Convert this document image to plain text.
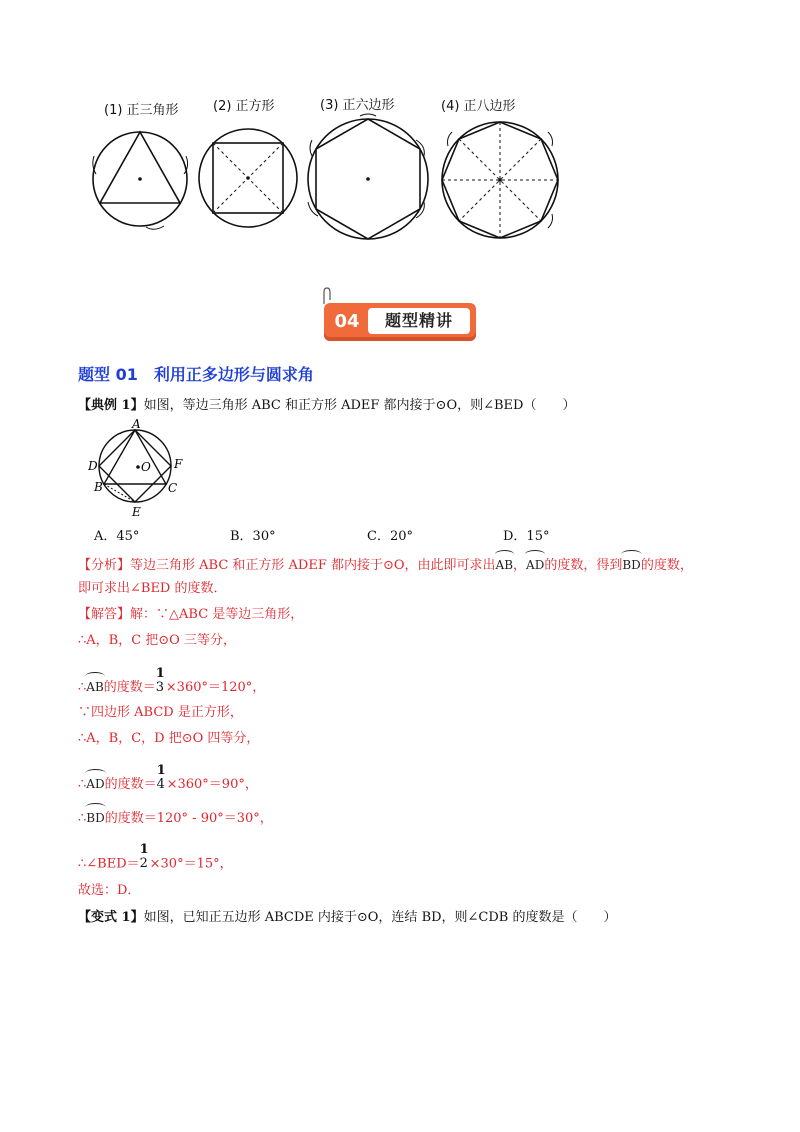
(1) 正三角形	(2) 正方形	(3) 正六边形	(4) 正八边形
04	题型精讲
题型 01　利用正多边形与圆求角
【典例 1】如图，等边三角形 ABC 和正方形 ADEF 都内接于⊙O，则∠BED（　　）
A
D	O F
B	C
E
A．45°	B．30°	C．20°	D．15°
【分析】等边三角形 ABC 和正方形 ADEF 都内接于⊙O，由此即可求出AB，AD的度数，得到BD的度数，
即可求出∠BED 的度数．
【解答】解：∵△ABC 是等边三角形，
∴A，B，C 把⊙O 三等分，
∴AB的度数＝
1
3 ×360°＝120°，
∵四边形 ABCD 是正方形，
∴A，B，C，D 把⊙O 四等分，
∴AD的度数＝
1
4 ×360°＝90°，
∴BD的度数＝120° - 90°＝30°，
∴∠BED＝
1
2 ×30°＝15°，
故选：D．
【变式 1】如图，已知正五边形 ABCDE 内接于⊙O，连结 BD，则∠CDB 的度数是（　　）
